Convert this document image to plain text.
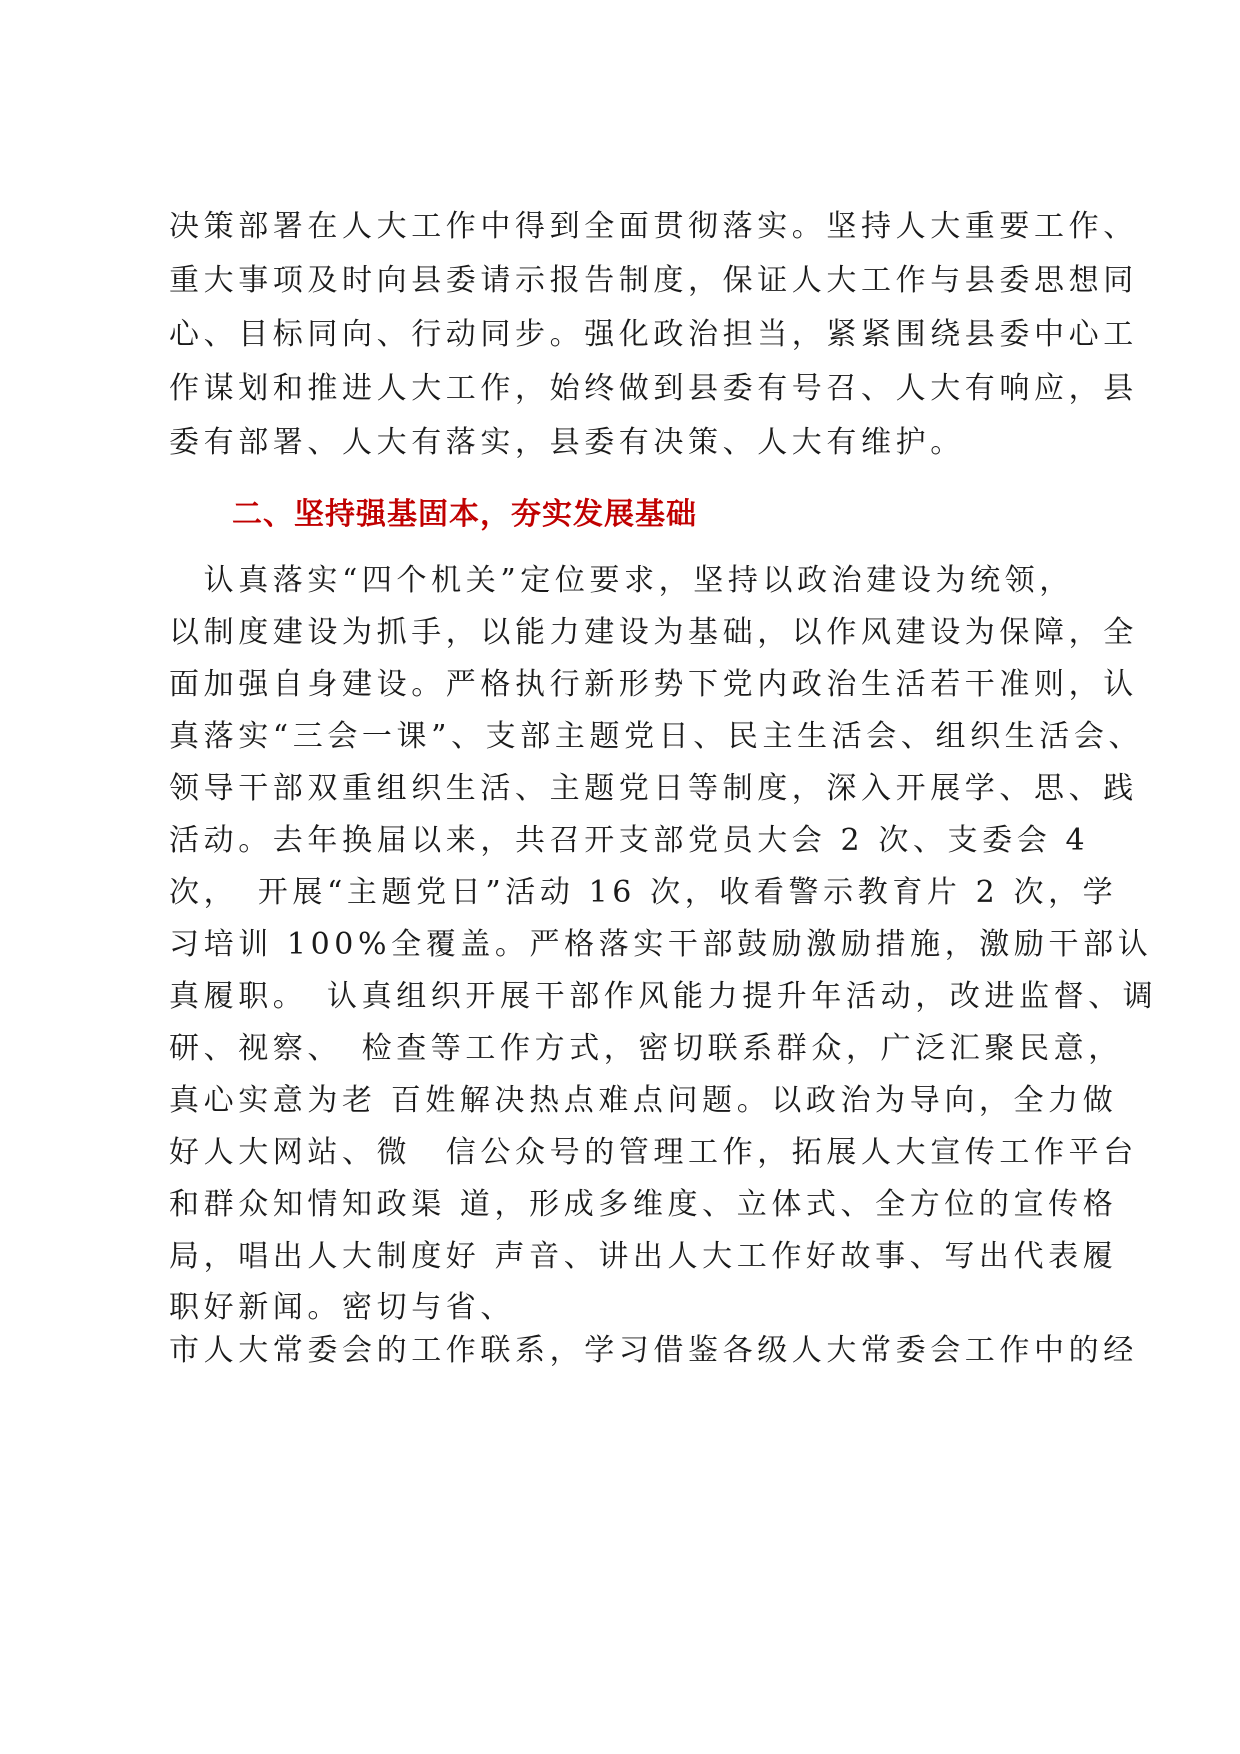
决策部署在人大工作中得到全面贯彻落实。坚持人大重要工作、
重大事项及时向县委请示报告制度，保证人大工作与县委思想同
心、目标同向、行动同步。强化政治担当，紧紧围绕县委中心工
作谋划和推进人大工作，始终做到县委有号召、人大有响应，县
委有部署、人大有落实，县委有决策、人大有维护。
二、坚持强基固本，夯实发展基础
　认真落实“四个机关”定位要求，坚持以政治建设为统领，
以制度建设为抓手，以能力建设为基础，以作风建设为保障，全
面加强自身建设。严格执行新形势下党内政治生活若干准则，认
真落实“三会一课”、支部主题党日、民主生活会、组织生活会、
领导干部双重组织生活、主题党日等制度，深入开展学、思、践
活动。去年换届以来，共召开支部党员大会 2 次、支委会 4
次，　开展“主题党日”活动 16 次，收看警示教育片 2 次，学
习培训 100%全覆盖。严格落实干部鼓励激励措施，激励干部认
真履职。　认真组织开展干部作风能力提升年活动，改进监督、调
研、视察、　检查等工作方式，密切联系群众，广泛汇聚民意，
真心实意为老 百姓解决热点难点问题。以政治为导向，全力做
好人大网站、微　信公众号的管理工作，拓展人大宣传工作平台
和群众知情知政渠 道，形成多维度、立体式、全方位的宣传格
局，唱出人大制度好 声音、讲出人大工作好故事、写出代表履
职好新闻。密切与省、
市人大常委会的工作联系，学习借鉴各级人大常委会工作中的经
